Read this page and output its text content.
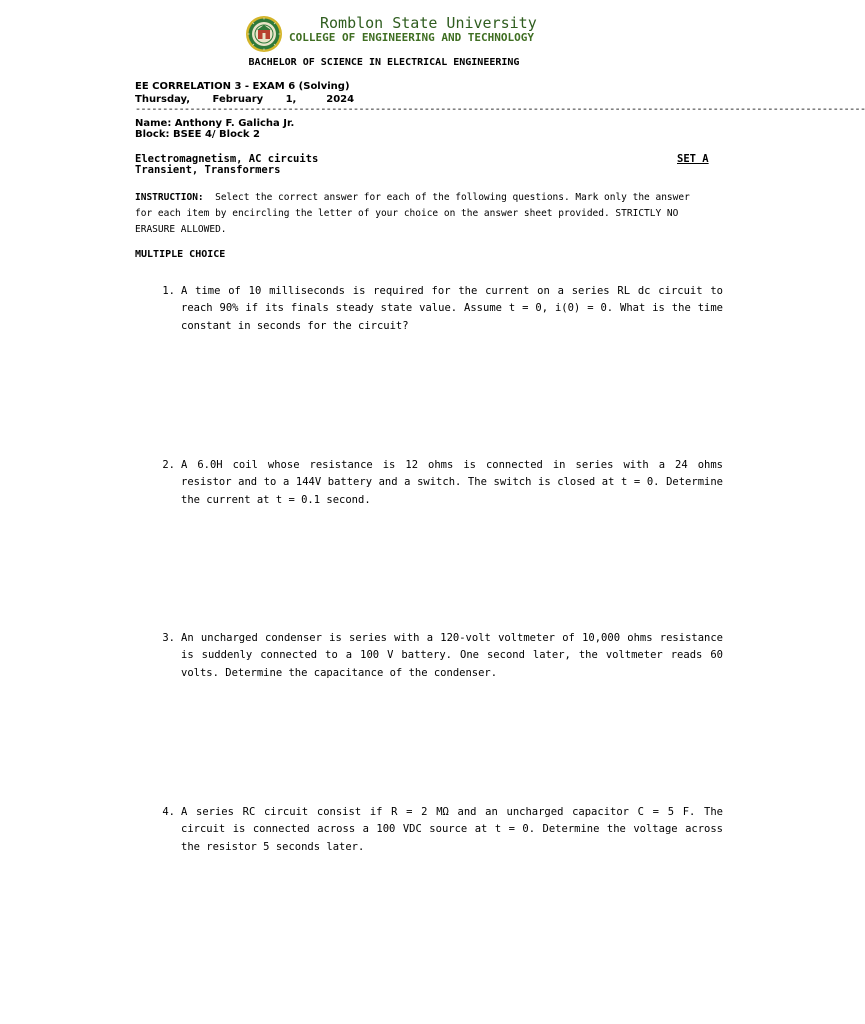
Romblon State University
COLLEGE OF ENGINEERING AND TECHNOLOGY
BACHELOR OF SCIENCE IN ELECTRICAL ENGINEERING
EE CORRELATION 3 - EXAM 6 (Solving)
Thursday,   February   1,    2024
--------------------------------------------------------------------------------------------------------------------------------------
Name: Anthony F. Galicha Jr.
Block: BSEE 4/ Block 2
Electromagnetism, AC circuits
Transient, Transformers
SET A
INSTRUCTION: Select the correct answer for each of the following questions. Mark only the answer for each item by encircling the letter of your choice on the answer sheet provided. STRICTLY NO ERASURE ALLOWED.
MULTIPLE CHOICE
1. A time of 10 milliseconds is required for the current on a series RL dc circuit to reach 90% if its finals steady state value. Assume t = 0, i(0) = 0. What is the time constant in seconds for the circuit?
2. A 6.0H coil whose resistance is 12 ohms is connected in series with a 24 ohms resistor and to a 144V battery and a switch. The switch is closed at t = 0. Determine the current at t = 0.1 second.
3. An uncharged condenser is series with a 120-volt voltmeter of 10,000 ohms resistance is suddenly connected to a 100 V battery. One second later, the voltmeter reads 60 volts. Determine the capacitance of the condenser.
4. A series RC circuit consist if R = 2 MΩ and an uncharged capacitor C = 5 F. The circuit is connected across a 100 VDC source at t = 0. Determine the voltage across the resistor 5 seconds later.
